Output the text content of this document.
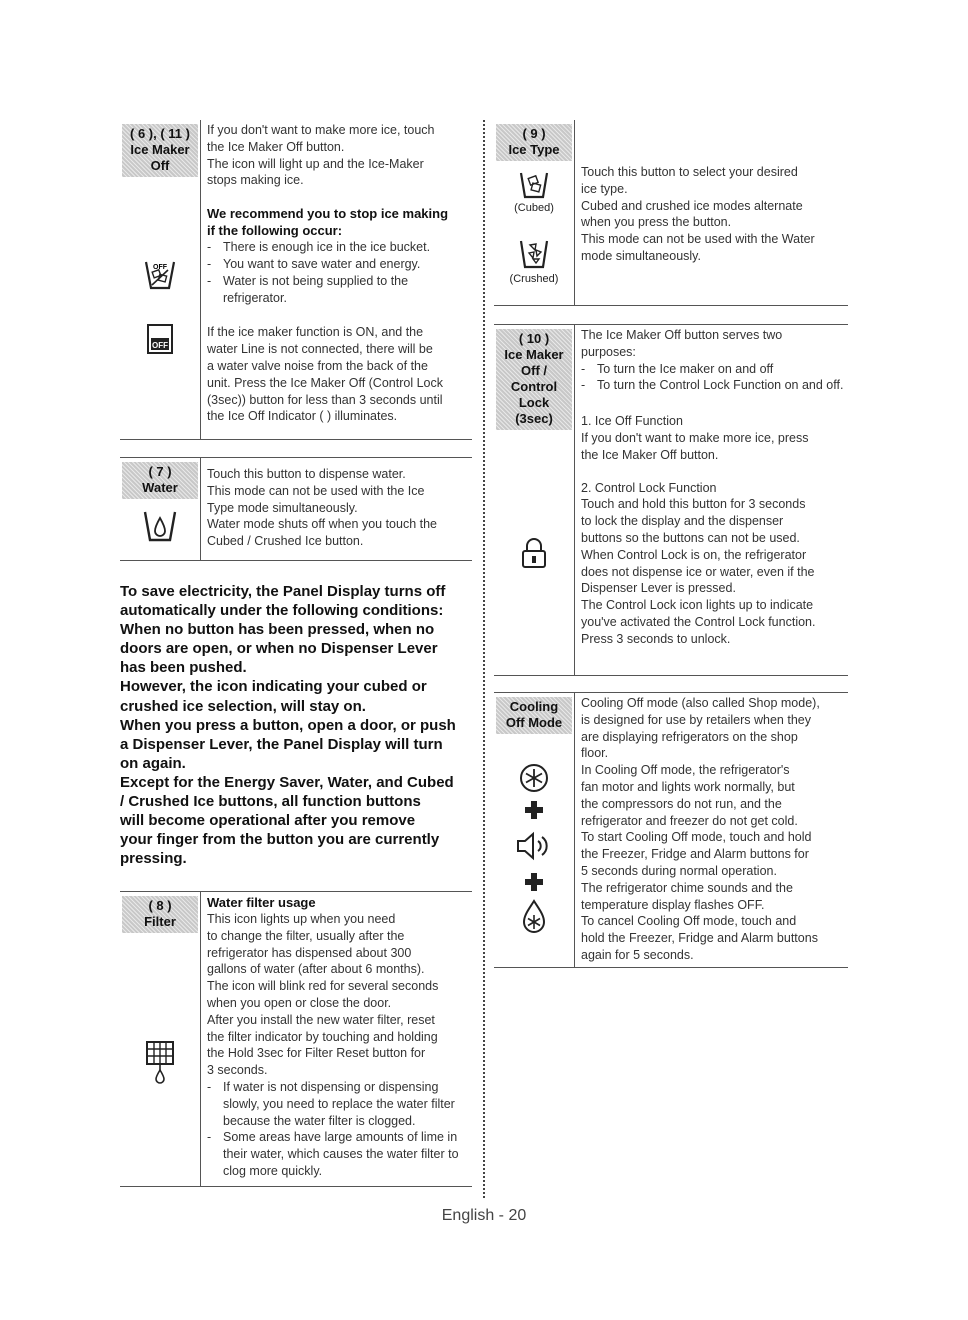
( 6 ), ( 11 )
Ice Maker
Off
OFF
OFF
If you don't want to make more ice, touch
the Ice Maker Off button.
The icon will light up and the Ice-Maker
stops making ice.
We recommend you to stop ice making
if the following occur:
- There is enough ice in the ice bucket.
- You want to save water and energy.
- Water is not being supplied to the refrigerator.
If the ice maker function is ON, and the
water Line is not connected, there will be
a water valve noise from the back of the
unit. Press the Ice Maker Off (Control Lock
(3sec)) button for less than 3 seconds until
the Ice Off Indicator ( ) illuminates.
( 7 )
Water
Touch this button to dispense water.
This mode can not be used with the Ice
Type mode simultaneously.
Water mode shuts off when you touch the
Cubed / Crushed Ice button.
To save electricity, the Panel Display turns off
automatically under the following conditions:
When no button has been pressed, when no
doors are open, or when no Dispenser Lever
has been pushed.
However, the icon indicating your cubed or
crushed ice selection, will stay on.
When you press a button, open a door, or push
a Dispenser Lever, the Panel Display will turn
on again.
Except for the Energy Saver, Water, and Cubed
/ Crushed Ice buttons, all function buttons
will become operational after you remove
your finger from the button you are currently
pressing.
( 8 )
Filter
Water filter usage
This icon lights up when you need
to change the filter, usually after the
refrigerator has dispensed about 300
gallons of water (after about 6 months).
The icon will blink red for several seconds
when you open or close the door.
After you install the new water filter, reset
the filter indicator by touching and holding
the Hold 3sec for Filter Reset button for
3 seconds.
- If water is not dispensing or dispensing slowly, you need to replace the water filter because the water filter is clogged.
- Some areas have large amounts of lime in their water, which causes the water filter to clog more quickly.
( 9 )
Ice Type
(Cubed)
(Crushed)
Touch this button to select your desired
ice type.
Cubed and crushed ice modes alternate
when you press the button.
This mode can not be used with the Water
mode simultaneously.
( 10 )
Ice Maker
Off /
Control
Lock
(3sec)
The Ice Maker Off button serves two
purposes:
- To turn the Ice maker on and off
- To turn the Control Lock Function on and off.
1. Ice Off Function
If you don't want to make more ice, press
the Ice Maker Off button.
2. Control Lock Function
Touch and hold this button for 3 seconds
to lock the display and the dispenser
buttons so the buttons can not be used.
When Control Lock is on, the refrigerator
does not dispense ice or water, even if the
Dispenser Lever is pressed.
The Control Lock icon lights up to indicate
you've activated the Control Lock function.
Press 3 seconds to unlock.
Cooling
Off Mode
Cooling Off mode (also called Shop mode),
is designed for use by retailers when they
are displaying refrigerators on the shop
floor.
In Cooling Off mode, the refrigerator's
fan motor and lights work normally, but
the compressors do not run, and the
refrigerator and freezer do not get cold.
To start Cooling Off mode, touch and hold
the Freezer, Fridge and Alarm buttons for
5 seconds during normal operation.
The refrigerator chime sounds and the
temperature display flashes OFF.
To cancel Cooling Off mode, touch and
hold the Freezer, Fridge and Alarm buttons
again for 5 seconds.
English - 20
